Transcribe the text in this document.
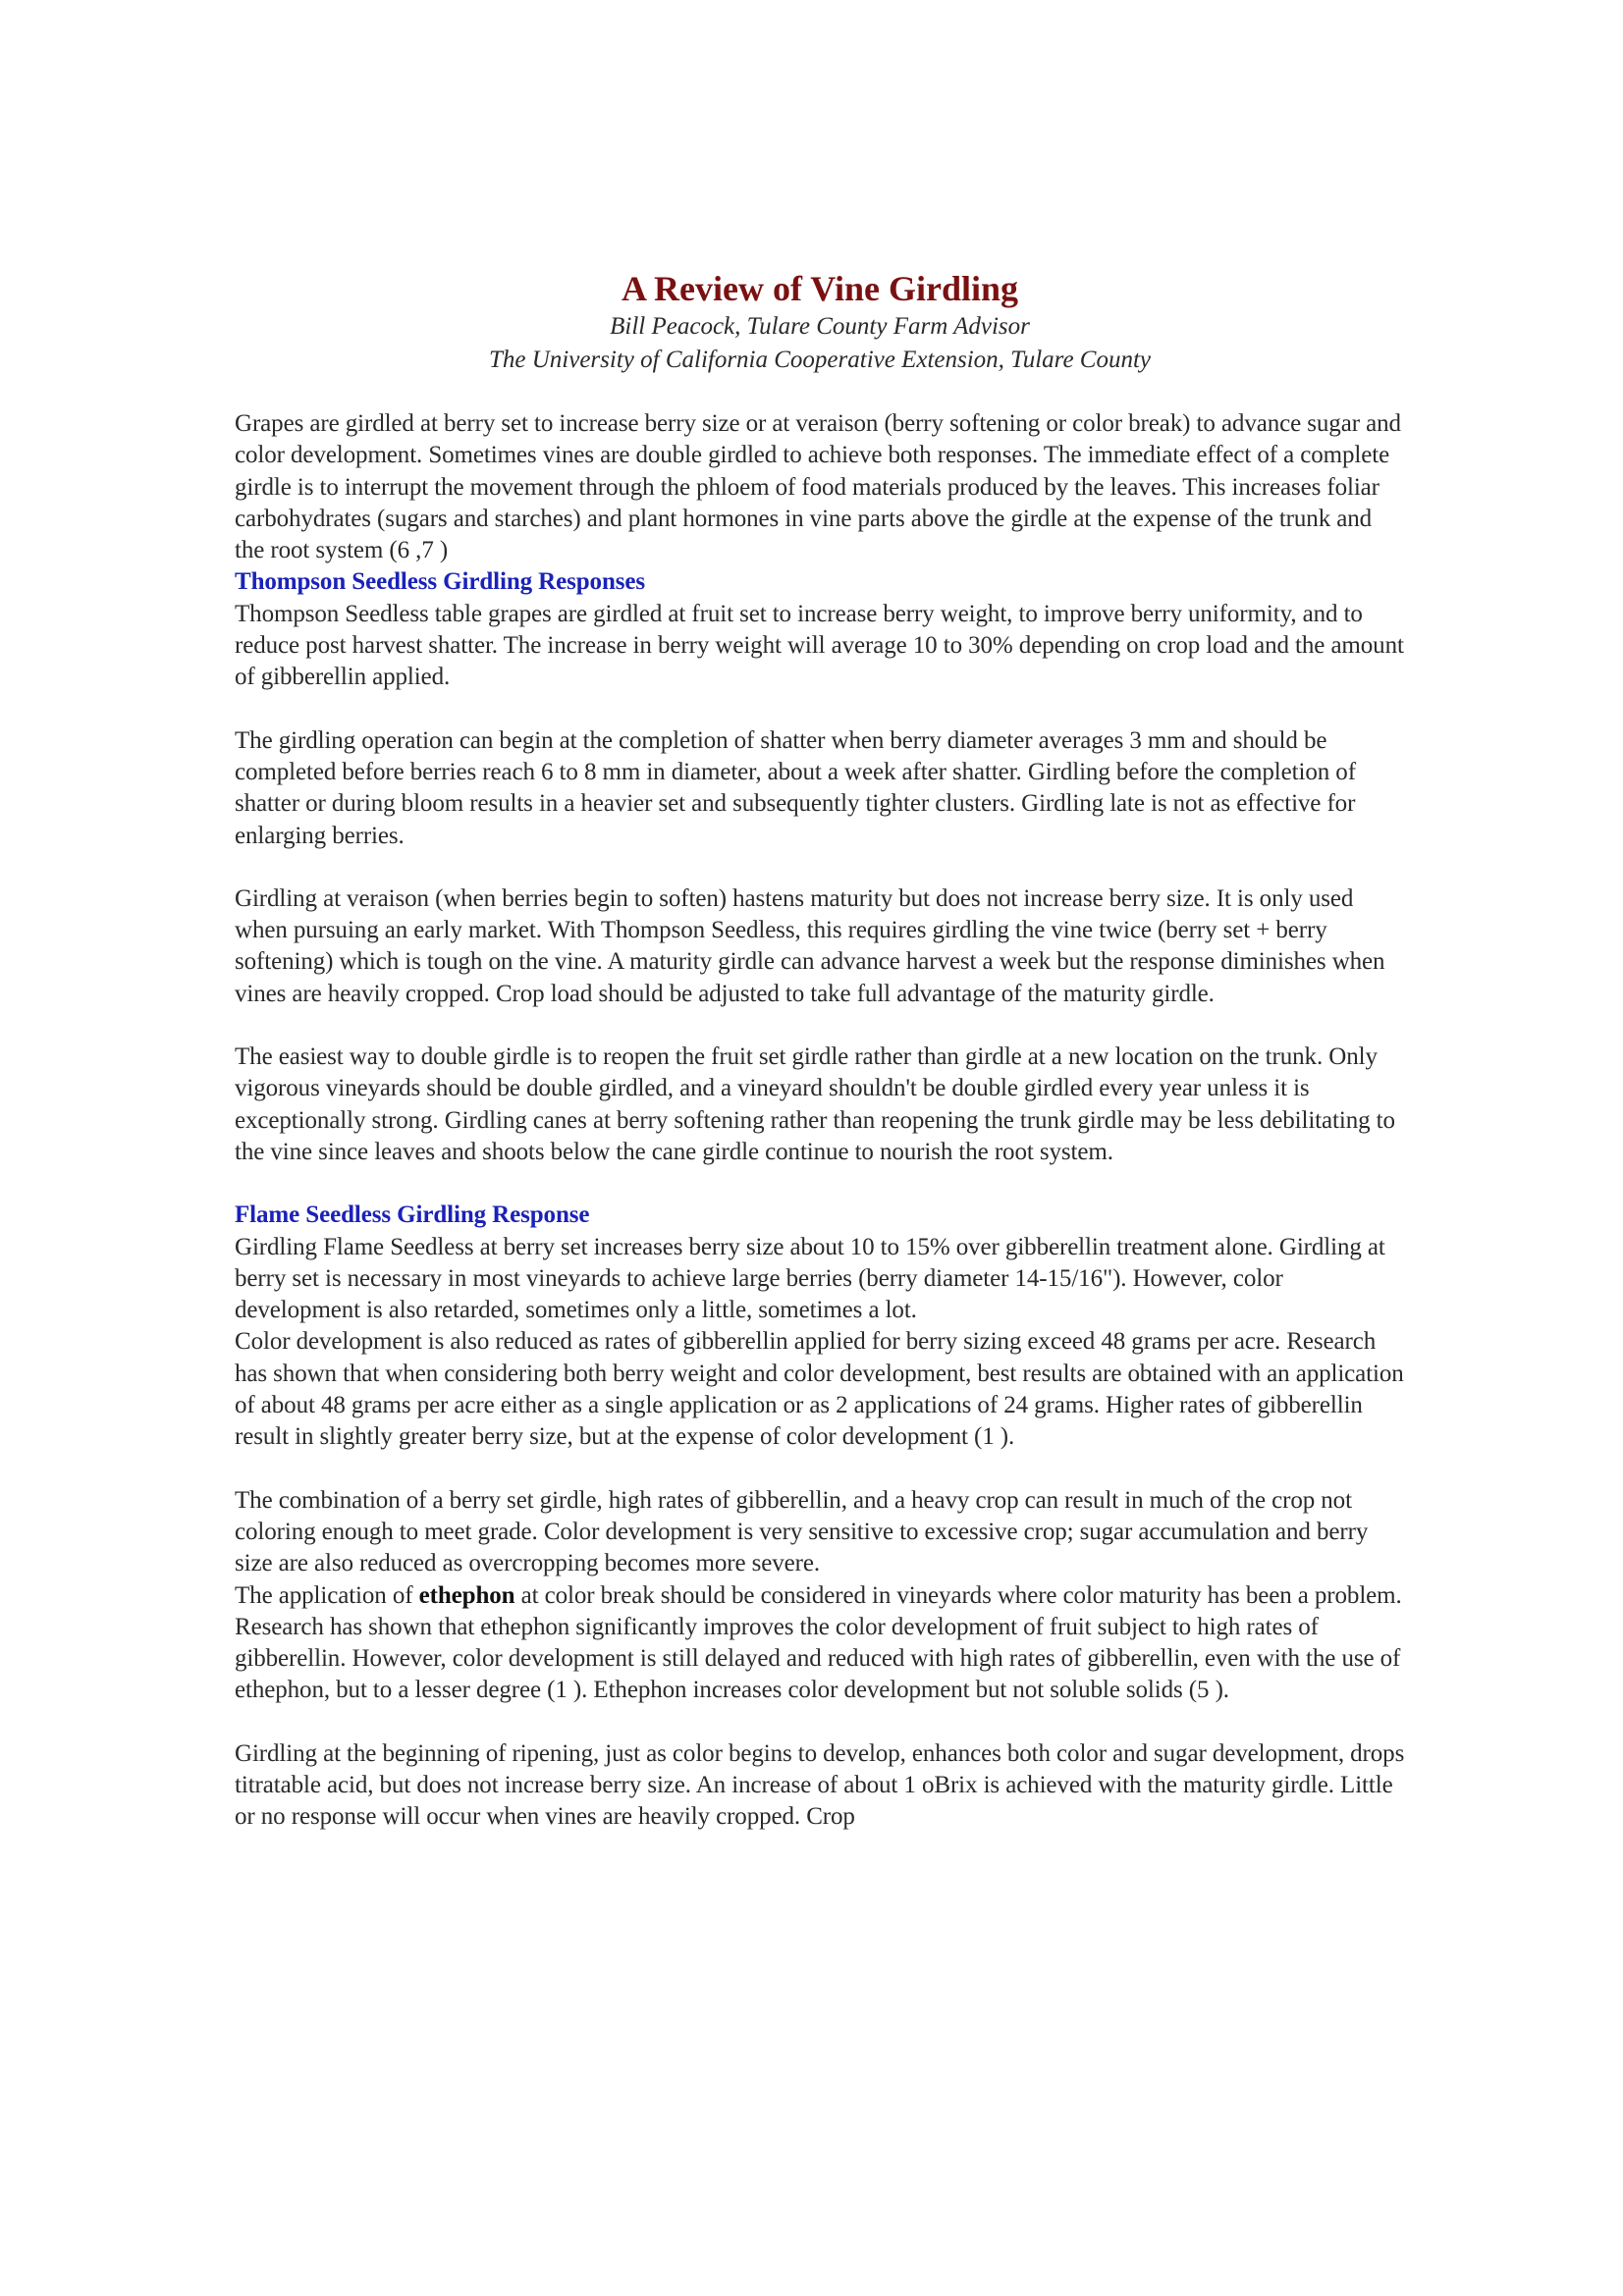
A Review of Vine Girdling

Bill Peacock, Tulare County Farm Advisor

The University of California Cooperative Extension, Tulare County

Grapes are girdled at berry set to increase berry size or at veraison (berry softening or color break) to advance sugar and color development. Sometimes vines are double girdled to achieve both responses. The immediate effect of a complete girdle is to interrupt the movement through the phloem of food materials produced by the leaves. This increases foliar carbohydrates (sugars and starches) and plant hormones in vine parts above the girdle at the expense of the trunk and the root system (6 ,7 )

Thompson Seedless Girdling Responses

Thompson Seedless table grapes are girdled at fruit set to increase berry weight, to improve berry uniformity, and to reduce post harvest shatter. The increase in berry weight will average 10 to 30% depending on crop load and the amount of gibberellin applied.

The girdling operation can begin at the completion of shatter when berry diameter averages 3 mm and should be completed before berries reach 6 to 8 mm in diameter, about a week after shatter. Girdling before the completion of shatter or during bloom results in a heavier set and subsequently tighter clusters. Girdling late is not as effective for enlarging berries.

Girdling at veraison (when berries begin to soften) hastens maturity but does not increase berry size. It is only used when pursuing an early market. With Thompson Seedless, this requires girdling the vine twice (berry set + berry softening) which is tough on the vine. A maturity girdle can advance harvest a week but the response diminishes when vines are heavily cropped. Crop load should be adjusted to take full advantage of the maturity girdle.

The easiest way to double girdle is to reopen the fruit set girdle rather than girdle at a new location on the trunk. Only vigorous vineyards should be double girdled, and a vineyard shouldn't be double girdled every year unless it is exceptionally strong. Girdling canes at berry softening rather than reopening the trunk girdle may be less debilitating to the vine since leaves and shoots below the cane girdle continue to nourish the root system.

Flame Seedless Girdling Response

Girdling Flame Seedless at berry set increases berry size about 10 to 15% over gibberellin treatment alone. Girdling at berry set is necessary in most vineyards to achieve large berries (berry diameter 14-15/16"). However, color development is also retarded, sometimes only a little, sometimes a lot.

Color development is also reduced as rates of gibberellin applied for berry sizing exceed 48 grams per acre. Research has shown that when considering both berry weight and color development, best results are obtained with an application of about 48 grams per acre either as a single application or as 2 applications of 24 grams. Higher rates of gibberellin result in slightly greater berry size, but at the expense of color development (1 ).

The combination of a berry set girdle, high rates of gibberellin, and a heavy crop can result in much of the crop not coloring enough to meet grade. Color development is very sensitive to excessive crop; sugar accumulation and berry size are also reduced as overcropping becomes more severe.

The application of ethephon at color break should be considered in vineyards where color maturity has been a problem. Research has shown that ethephon significantly improves the color development of fruit subject to high rates of gibberellin. However, color development is still delayed and reduced with high rates of gibberellin, even with the use of ethephon, but to a lesser degree (1 ). Ethephon increases color development but not soluble solids (5 ).

Girdling at the beginning of ripening, just as color begins to develop, enhances both color and sugar development, drops titratable acid, but does not increase berry size. An increase of about 1 oBrix is achieved with the maturity girdle. Little or no response will occur when vines are heavily cropped. Crop
